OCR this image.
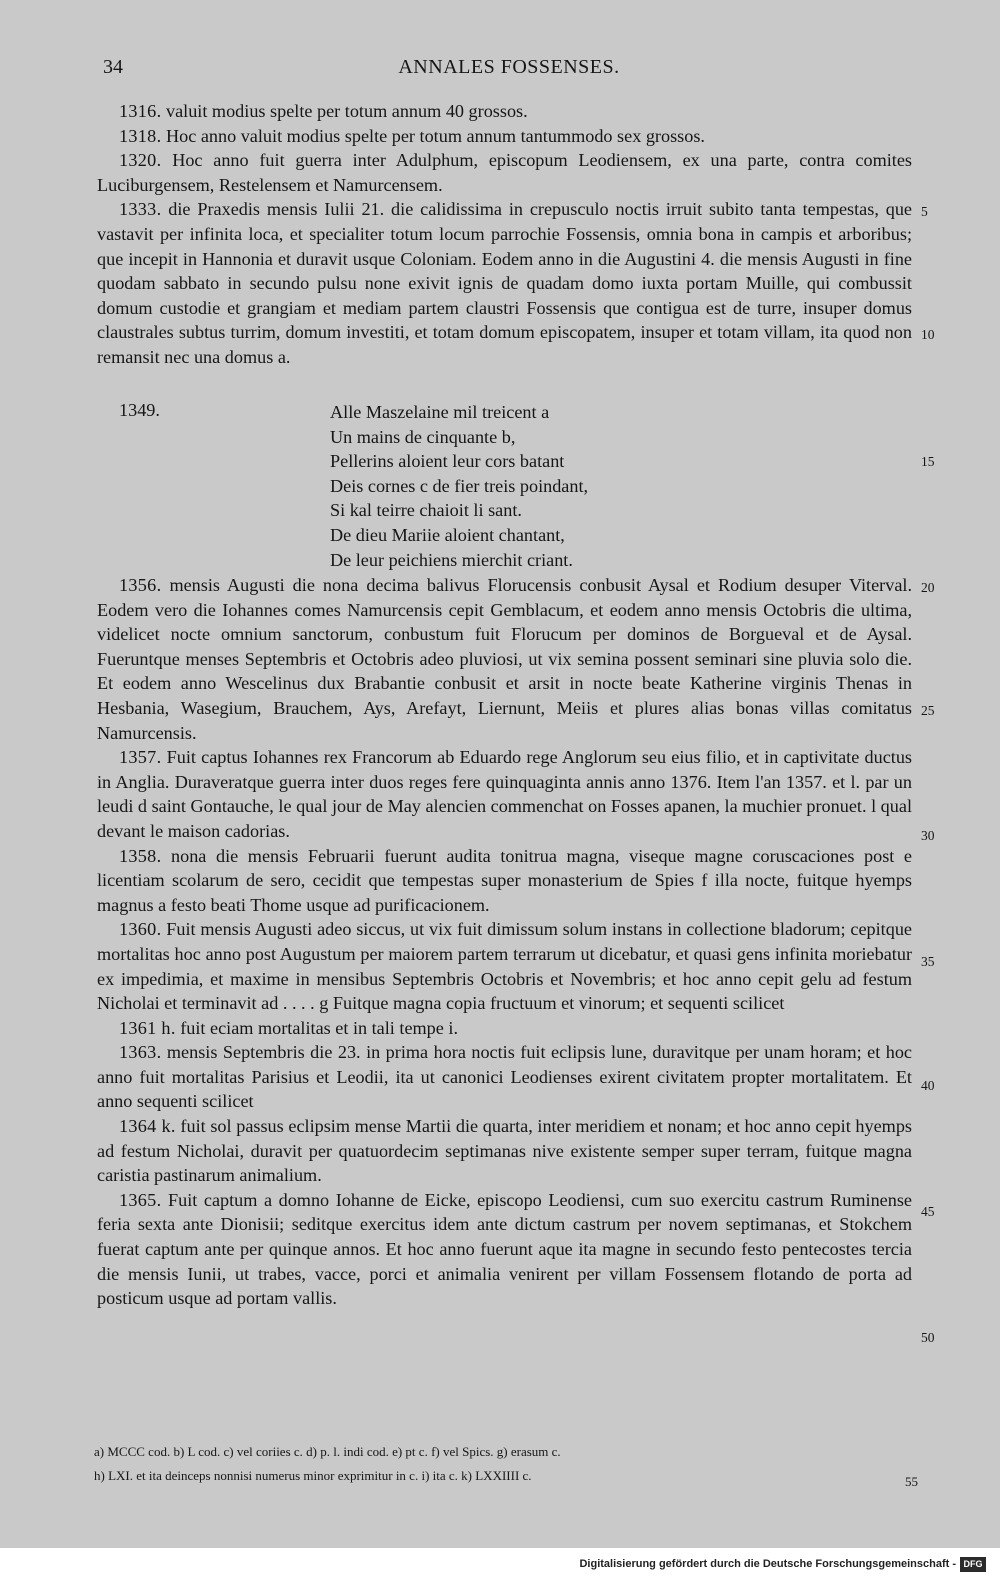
34	ANNALES FOSSENSES.

1316. valuit modius spelte per totum annum 40 grossos.

1318. Hoc anno valuit modius spelte per totum annum tantummodo sex grossos.

1320. Hoc anno fuit guerra inter Adulphum, episcopum Leodiensem, ex una parte, contra comites Luciburgensem, Restelensem et Namurcensem.

1333. die Praxedis mensis Iulii 21. die calidissima in crepusculo noctis irruit subito tanta tempestas, que vastavit per infinita loca, et specialiter totum locum parrochie Fossensis, omnia bona in campis et arboribus; que incepit in Hannonia et duravit usque Coloniam. Eodem anno in die Augustini 4. die mensis Augusti in fine quodam sabbato in secundo pulsu none exivit ignis de quadam domo iuxta portam Muille, qui combussit domum custodie et grangiam et mediam partem claustri Fossensis que contigua est de turre, insuper domus claustrales subtus turrim, domum investiti, et totam domum episcopatem, insuper et totam villam, ita quod non remansit nec una domus a.

1349.	Alle Maszelaine mil treicent a
Un mains de cinquante b,
Pellerins aloient leur cors batant
Deis cornes c de fier treis poindant,
Si kal teirre chaioit li sant.
De dieu Mariie aloient chantant,
De leur peichiens mierchit criant.

1356. mensis Augusti die nona decima balivus Florucensis conbusit Aysal et Rodium desuper Viterval. Eodem vero die Iohannes comes Namurcensis cepit Gemblacum, et eodem anno mensis Octobris die ultima, videlicet nocte omnium sanctorum, conbustum fuit Florucum per dominos de Borgueval et de Aysal. Fueruntque menses Septembris et Octobris adeo pluviosi, ut vix semina possent seminari sine pluvia solo die. Et eodem anno Wescelinus dux Brabantie conbusit et arsit in nocte beate Katherine virginis Thenas in Hesbania, Wasegium, Brauchem, Ays, Arefayt, Liernunt, Meiis et plures alias bonas villas comitatus Namurcensis.

1357. Fuit captus Iohannes rex Francorum ab Eduardo rege Anglorum seu eius filio, et in captivitate ductus in Anglia. Duraveratque guerra inter duos reges fere quinquaginta annis anno 1376. Item l'an 1357. et l. par un leudi d saint Gontauche, le qual jour de May alencien commenchat on Fosses apanen, la muchier pronuet. l qual devant le maison cadorias.

1358. nona die mensis Februarii fuerunt audita tonitrua magna, viseque magne coruscaciones post e licentiam scolarum de sero, cecidit que tempestas super monasterium de Spies f illa nocte, fuitque hyemps magnus a festo beati Thome usque ad purificacionem.

1360. Fuit mensis Augusti adeo siccus, ut vix fuit dimissum solum instans in collectione bladorum; cepitque mortalitas hoc anno post Augustum per maiorem partem terrarum ut dicebatur, et quasi gens infinita moriebatur ex impedimia, et maxime in mensibus Septembris Octobris et Novembris; et hoc anno cepit gelu ad festum Nicholai et terminavit ad . . . . g Fuitque magna copia fructuum et vinorum; et sequenti scilicet

1361 h. fuit eciam mortalitas et in tali tempe i.

1363. mensis Septembris die 23. in prima hora noctis fuit eclipsis lune, duravitque per unam horam; et hoc anno fuit mortalitas Parisius et Leodii, ita ut canonici Leodienses exirent civitatem propter mortalitatem. Et anno sequenti scilicet

1364 k. fuit sol passus eclipsim mense Martii die quarta, inter meridiem et nonam; et hoc anno cepit hyemps ad festum Nicholai, duravit per quatuordecim septimanas nive existente semper super terram, fuitque magna caristia pastinarum animalium.

1365. Fuit captum a domno Iohanne de Eicke, episcopo Leodiensi, cum suo exercitu castrum Ruminense feria sexta ante Dionisii; seditque exercitus idem ante dictum castrum per novem septimanas, et Stokchem fuerat captum ante per quinque annos. Et hoc anno fuerunt aque ita magne in secundo festo pentecostes tercia die mensis Iunii, ut trabes, vacce, porci et animalia venirent per villam Fossensem flotando de porta ad posticum usque ad portam vallis.

5
10
15
20
25
30
35
40
45
50
a) MCCC cod. b) L cod. c) vel coriies c. d) p. l. indi cod. e) pt c. f) vel Spics. g) erasum c.
h) LXI. et ita deinceps nonnisi numerus minor exprimitur in c. i) ita c. k) LXXIIII c.	55
Digitalisierung gefördert durch die Deutsche Forschungsgemeinschaft - DFG
